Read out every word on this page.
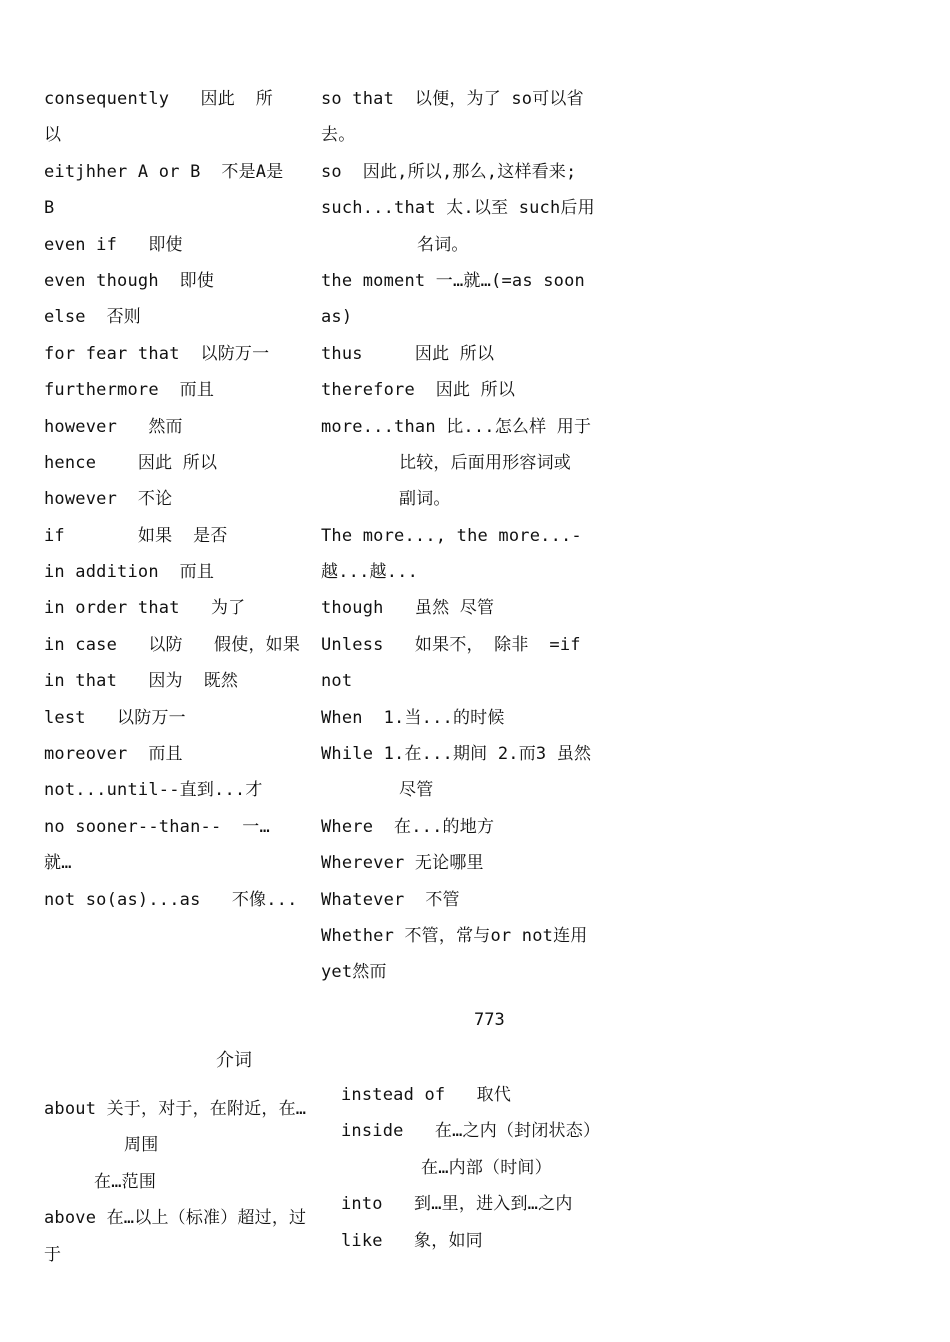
consequently   因此  所
以
eitjhher A or B  不是A是
B
even if   即使
even though  即使
else  否则
for fear that  以防万一
furthermore  而且
however   然而
hence    因此 所以
however  不论
if       如果  是否
in addition  而且
in order that   为了
in case   以防   假使，如果
in that   因为  既然
lest   以防万一
moreover  而且
not...until--直到...才
no sooner--than--  一…
就…
not so(as)...as   不像...
so that  以便，为了 so可以省
去。
so  因此,所以,那么,这样看来;
such...that 太.以至 such后用
名词。
the moment 一…就…(=as soon
as)
thus     因此 所以
therefore  因此 所以
more...than 比...怎么样 用于
比较，后面用形容词或
副词。
The more..., the more...-
越...越...
though   虽然 尽管
Unless   如果不， 除非  =if
not
When  1.当...的时候
While 1.在...期间 2.而3 虽然
尽管
Where  在...的地方
Wherever 无论哪里
Whatever  不管
Whether 不管，常与or not连用
yet然而
773
介词
about 关于，对于，在附近，在…
周围
在…范围
above 在…以上（标准）超过，过
于
instead of   取代
inside   在…之内（封闭状态）
在…内部（时间）
into   到…里，进入到…之内
like   象，如同
